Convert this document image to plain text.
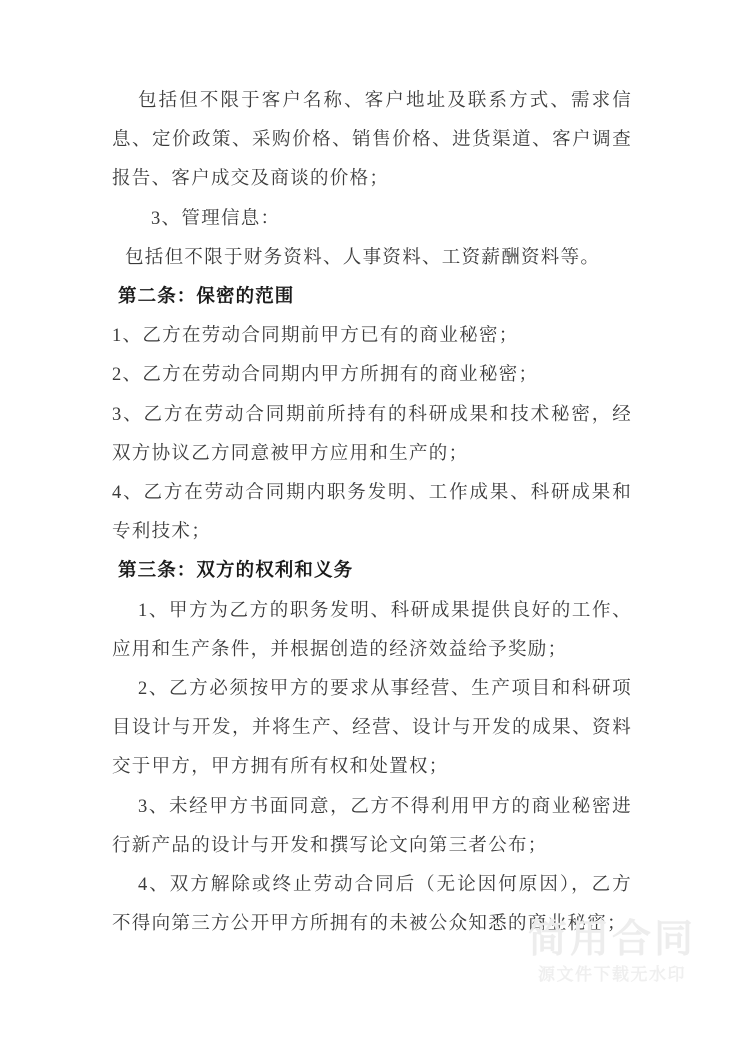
包括但不限于客户名称、客户地址及联系方式、需求信息、定价政策、采购价格、销售价格、进货渠道、客户调查报告、客户成交及商谈的价格；

3、管理信息：

包括但不限于财务资料、人事资料、工资薪酬资料等。

第二条：保密的范围

1、乙方在劳动合同期前甲方已有的商业秘密；

2、乙方在劳动合同期内甲方所拥有的商业秘密；

3、乙方在劳动合同期前所持有的科研成果和技术秘密，经双方协议乙方同意被甲方应用和生产的；

4、乙方在劳动合同期内职务发明、工作成果、科研成果和专利技术；

第三条：双方的权利和义务

1、甲方为乙方的职务发明、科研成果提供良好的工作、应用和生产条件，并根据创造的经济效益给予奖励；

2、乙方必须按甲方的要求从事经营、生产项目和科研项目设计与开发，并将生产、经营、设计与开发的成果、资料交于甲方，甲方拥有所有权和处置权；

3、未经甲方书面同意，乙方不得利用甲方的商业秘密进行新产品的设计与开发和撰写论文向第三者公布；

4、双方解除或终止劳动合同后（无论因何原因），乙方不得向第三方公开甲方所拥有的未被公众知悉的商业秘密；

简用合同
源文件下载无水印
